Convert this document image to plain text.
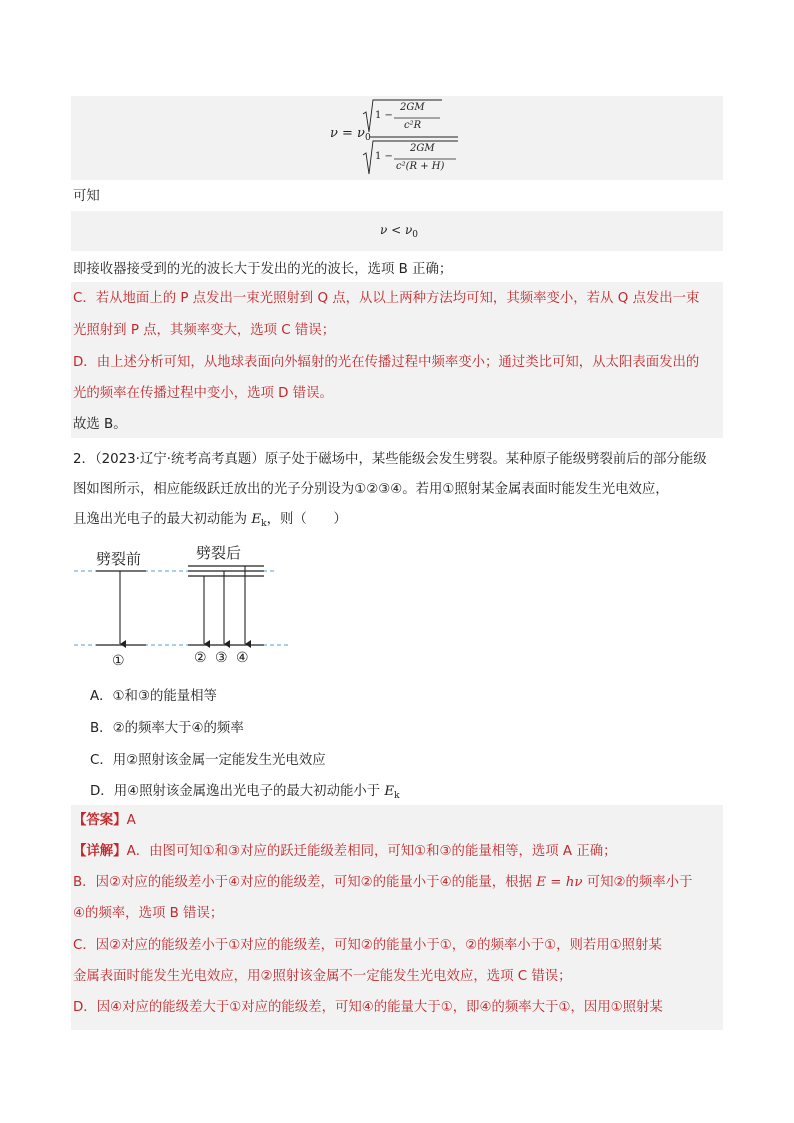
$\nu = \nu_0$
1 −
2GM
c²R
1 −
2GM
c²(R + H)
可知
$\nu < \nu_0$
即接收器接受到的光的波长大于发出的光的波长，选项 B 正确；
C．若从地面上的 P 点发出一束光照射到 Q 点，从以上两种方法均可知，其频率变小，若从 Q 点发出一束
光照射到 P 点，其频率变大，选项 C 错误；
D．由上述分析可知，从地球表面向外辐射的光在传播过程中频率变小；通过类比可知，从太阳表面发出的
光的频率在传播过程中变小，选项 D 错误。
故选 B。
2．（2023·辽宁·统考高考真题）原子处于磁场中，某些能级会发生劈裂。某种原子能级劈裂前后的部分能级
图如图所示，相应能级跃迁放出的光子分别设为①②③④。若用①照射某金属表面时能发生光电效应，
且逸出光电子的最大初动能为 $E_k$，则（　　）
劈裂前	劈裂后
①	② ③ ④
A．①和③的能量相等
B．②的频率大于④的频率
C．用②照射该金属一定能发生光电效应
D．用④照射该金属逸出光电子的最大初动能小于 $E_k$
【答案】A
【详解】A．由图可知①和③对应的跃迁能级差相同，可知①和③的能量相等，选项 A 正确；
B．因②对应的能级差小于④对应的能级差，可知②的能量小于④的能量，根据 E = hν 可知②的频率小于
④的频率，选项 B 错误；
C．因②对应的能级差小于①对应的能级差，可知②的能量小于①，②的频率小于①，则若用①照射某
金属表面时能发生光电效应，用②照射该金属不一定能发生光电效应，选项 C 错误；
D．因④对应的能级差大于①对应的能级差，可知④的能量大于①，即④的频率大于①，因用①照射某
